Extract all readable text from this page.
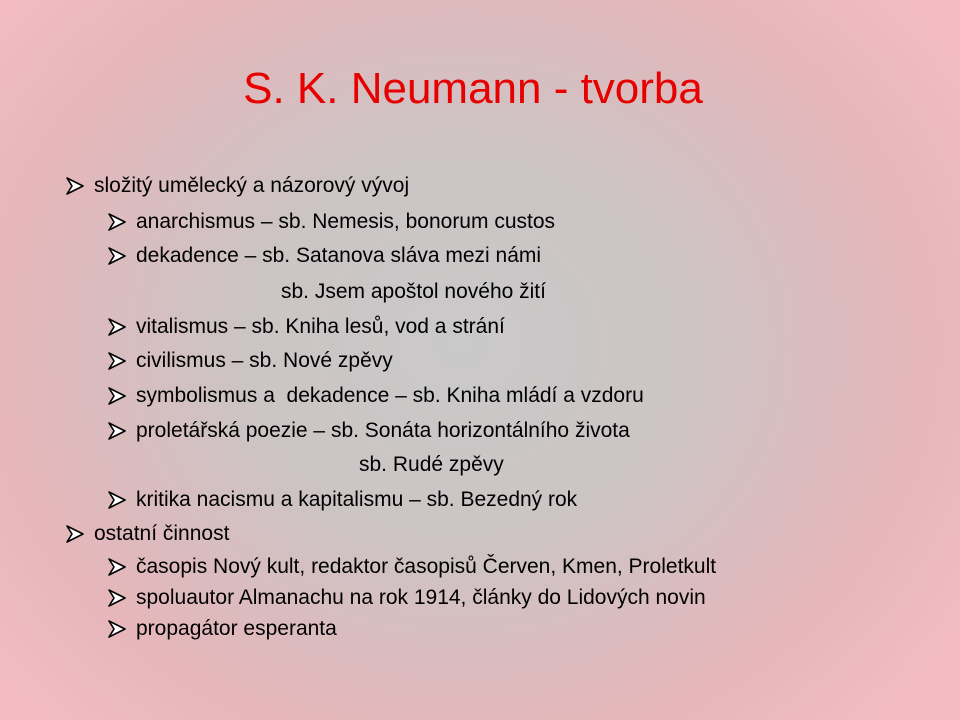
S. K. Neumann - tvorba
složitý umělecký a názorový vývoj
anarchismus – sb. Nemesis, bonorum custos
dekadence – sb. Satanova sláva mezi námi
sb. Jsem apoštol nového žití
vitalismus – sb. Kniha lesů, vod a strání
civilismus – sb. Nové zpěvy
symbolismus a  dekadence – sb. Kniha mládí a vzdoru
proletářská poezie – sb. Sonáta horizontálního života
sb. Rudé zpěvy
kritika nacismu a kapitalismu – sb. Bezedný rok
ostatní činnost
časopis Nový kult, redaktor časopisů Červen, Kmen, Proletkult
spoluautor Almanachu na rok 1914, články do Lidových novin
propagátor esperanta
